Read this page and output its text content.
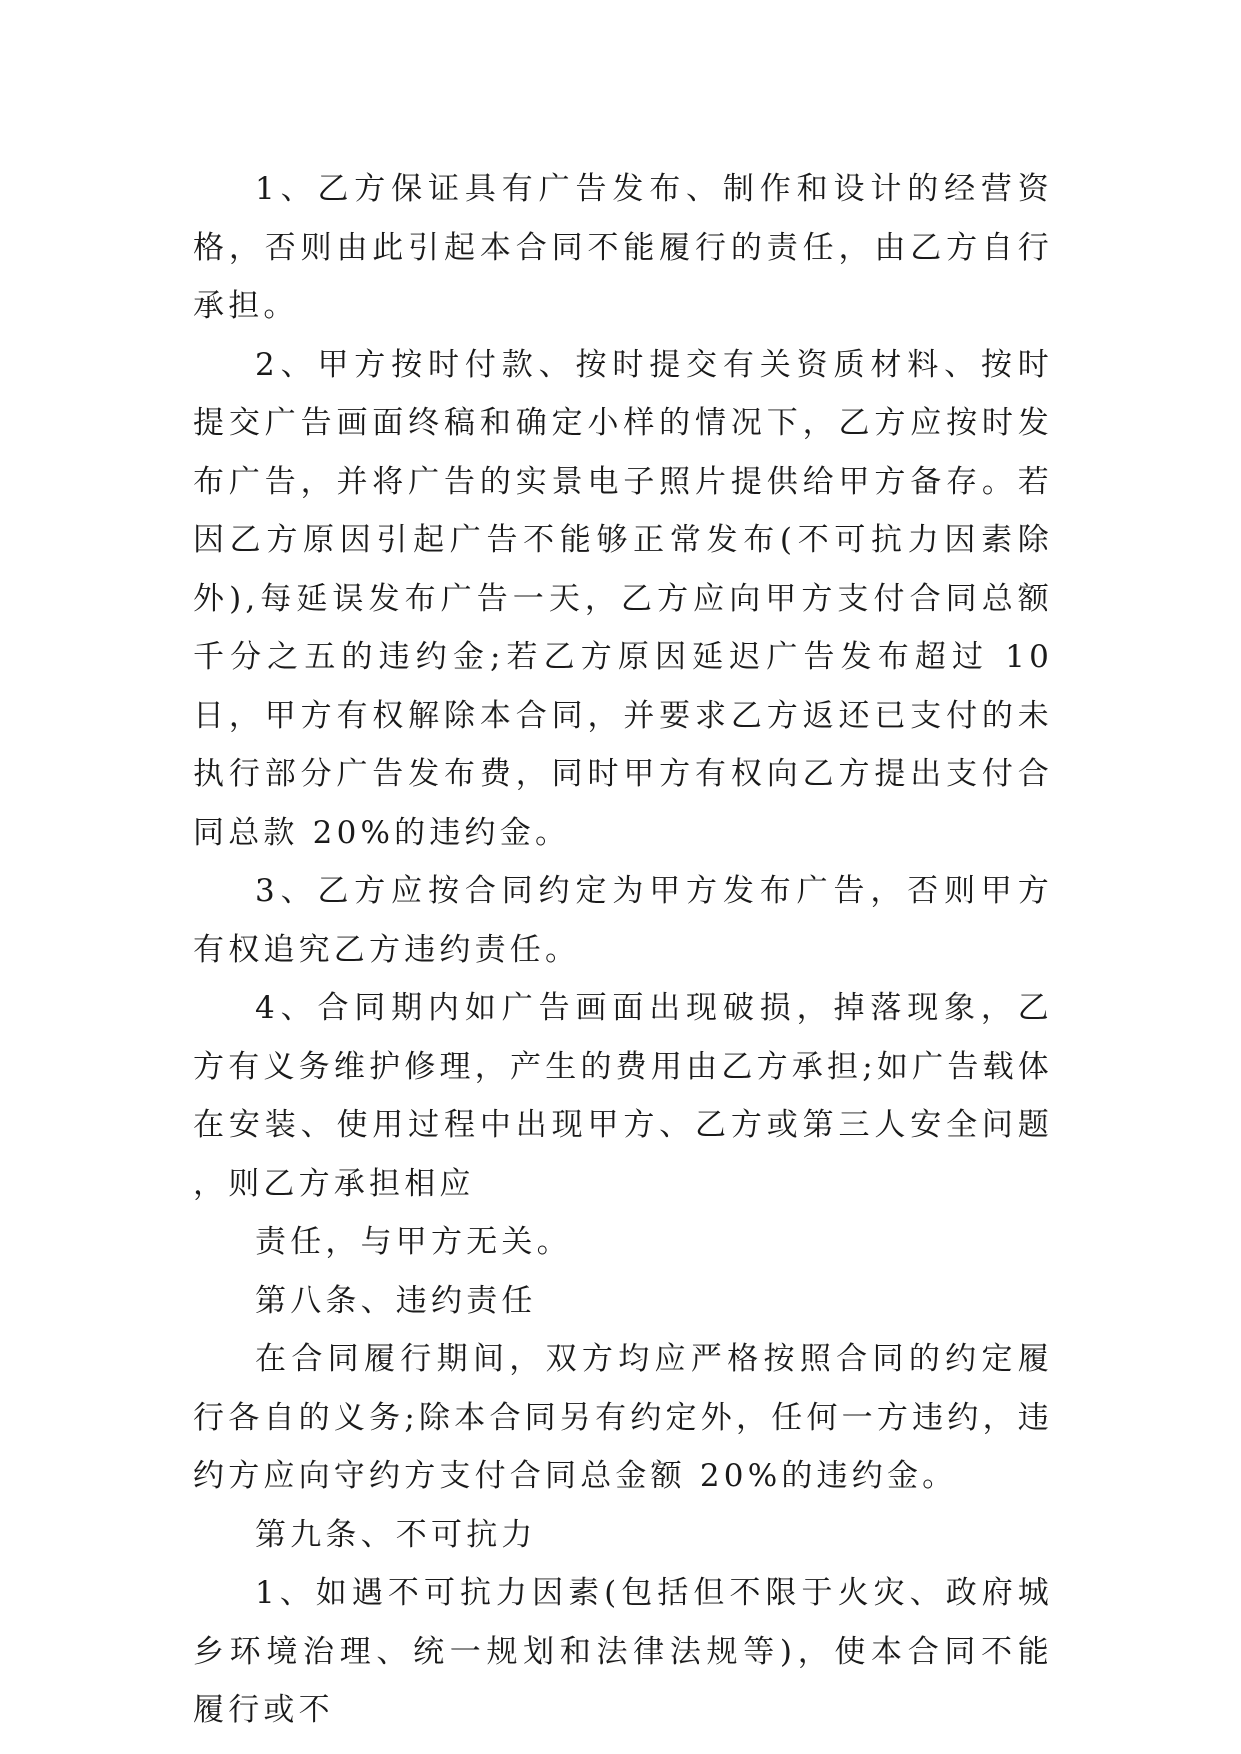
1、乙方保证具有广告发布、制作和设计的经营资格，否则由此引起本合同不能履行的责任，由乙方自行承担。

2、甲方按时付款、按时提交有关资质材料、按时提交广告画面终稿和确定小样的情况下，乙方应按时发布广告，并将广告的实景电子照片提供给甲方备存。若因乙方原因引起广告不能够正常发布(不可抗力因素除外),每延误发布广告一天，乙方应向甲方支付合同总额千分之五的违约金;若乙方原因延迟广告发布超过 10 日，甲方有权解除本合同，并要求乙方返还已支付的未执行部分广告发布费，同时甲方有权向乙方提出支付合同总款 20%的违约金。

3、乙方应按合同约定为甲方发布广告，否则甲方有权追究乙方违约责任。

4、合同期内如广告画面出现破损，掉落现象，乙方有义务维护修理，产生的费用由乙方承担;如广告载体在安装、使用过程中出现甲方、乙方或第三人安全问题，则乙方承担相应

责任，与甲方无关。

第八条、违约责任

在合同履行期间，双方均应严格按照合同的约定履行各自的义务;除本合同另有约定外，任何一方违约，违约方应向守约方支付合同总金额 20%的违约金。

第九条、不可抗力

1、如遇不可抗力因素(包括但不限于火灾、政府城乡环境治理、统一规划和法律法规等)，使本合同不能履行或不
